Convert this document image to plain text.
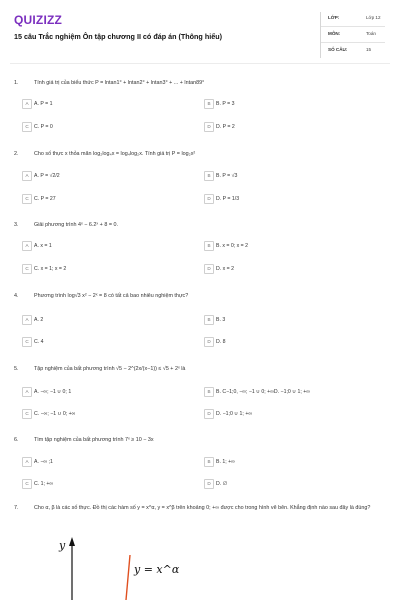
QUIZIZZ
15 câu Trắc nghiệm Ôn tập chương II có đáp án (Thông hiểu)
LỚP:	Lớp 12
MÔN:	Toán
SỐ CÂU:	15
1.	Tính giá trị của biểu thức P = lntan1° + lntan2° + lntan3° + ... + lntan89°
A	A. P = 1	B	B. P = 3
C	C. P = 0	D	D. P = 2
2.	Cho số thực x thỏa mãn log₂log₄x = log₄log₂x. Tính giá trị P = log₂x²
A	A. P = √2/2	B	B. P = √3
C	C. P = 27	D	D. P = 1/3
3.	Giải phương trình 4ˣ − 6.2ˣ + 8 = 0.
A	A. x = 1	B	B. x = 0; x = 2
C	C. x = 1; x = 2	D	D. x = 2
4.	Phương trình log√3 x² − 2ˣ = 8 có tất cả bao nhiêu nghiệm thực?
A	A. 2	B	B. 3
C	C. 4	D	D. 8
5.	Tập nghiệm của bất phương trình √5 − 2^(2x/(x−1)) ≤ √5 + 2ˣ là
A	A. −∞; −1 ∪ 0; 1	B	B. C−1;0, −∞; −1 ∪ 0; +∞D. −1;0 ∪ 1; +∞
C	C. −∞; −1 ∪ 0; +∞	D	D. −1;0 ∪ 1; +∞
6.	Tìm tập nghiệm của bất phương trình 7ˣ ≥ 10 − 3x
A	A. −∞ ;1	B	B. 1; +∞
C	C. 1; +∞	D	D. ∅
7.	Cho α, β là các số thực. Đồ thị các hàm số y = x^α, y = x^β trên khoảng 0; +∞ được cho trong hình vẽ bên. Khẳng định nào sau đây là đúng?
y
y = x^α
